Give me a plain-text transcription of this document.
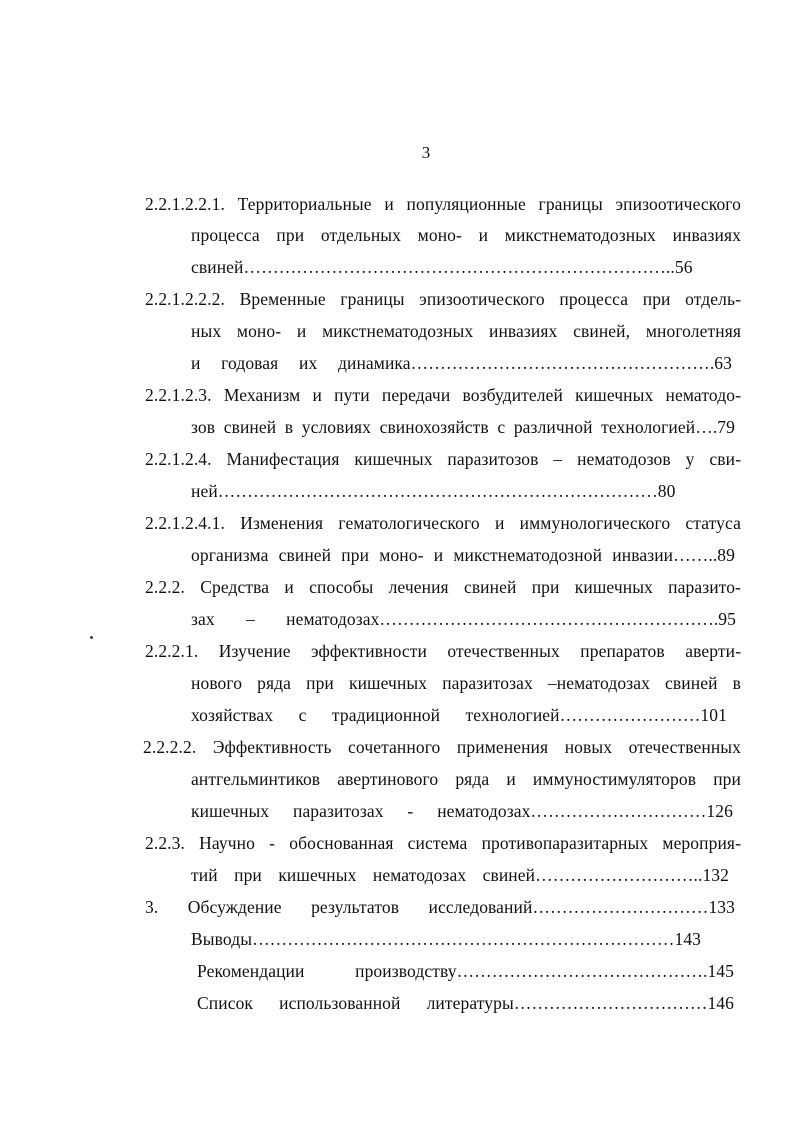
3
2.2.1.2.2.1. Территориальные и популяционные границы эпизоотического
процесса при отдельных моно- и микстнематодозных инвазиях
свиней………………………………………………………………..56
2.2.1.2.2.2. Временные границы эпизоотического процесса при отдель-
ных моно- и микстнематодозных инвазиях свиней, многолетняя
и годовая их динамика…………………………………………….63
2.2.1.2.3. Механизм и пути передачи возбудителей кишечных нематодо-
зов свиней в условиях свинохозяйств с различной технологией….79
2.2.1.2.4. Манифестация кишечных паразитозов – нематодозов у сви-
ней…………………………………………………………………80
2.2.1.2.4.1. Изменения гематологического и иммунологического статуса
организма свиней при моно- и микстнематодозной инвазии……..89
2.2.2. Средства и способы лечения свиней при кишечных паразито-
зах – нематодозах………………………………………………….95
2.2.2.1. Изучение эффективности отечественных препаратов аверти-
нового ряда при кишечных паразитозах –нематодозах свиней в
хозяйствах с традиционной технологией……………………101
2.2.2.2. Эффективность сочетанного применения новых отечественных
антгельминтиков авертинового ряда и иммуностимуляторов при
кишечных паразитозах - нематодозах…………………………126
2.2.3. Научно - обоснованная система противопаразитарных мероприя-
тий при кишечных нематодозах свиней………………………..132
3. Обсуждение результатов исследований…………………………133
Выводы………………………………………………………………143
Рекомендации производству…………………………………….145
Список использованной литературы……………………………146
